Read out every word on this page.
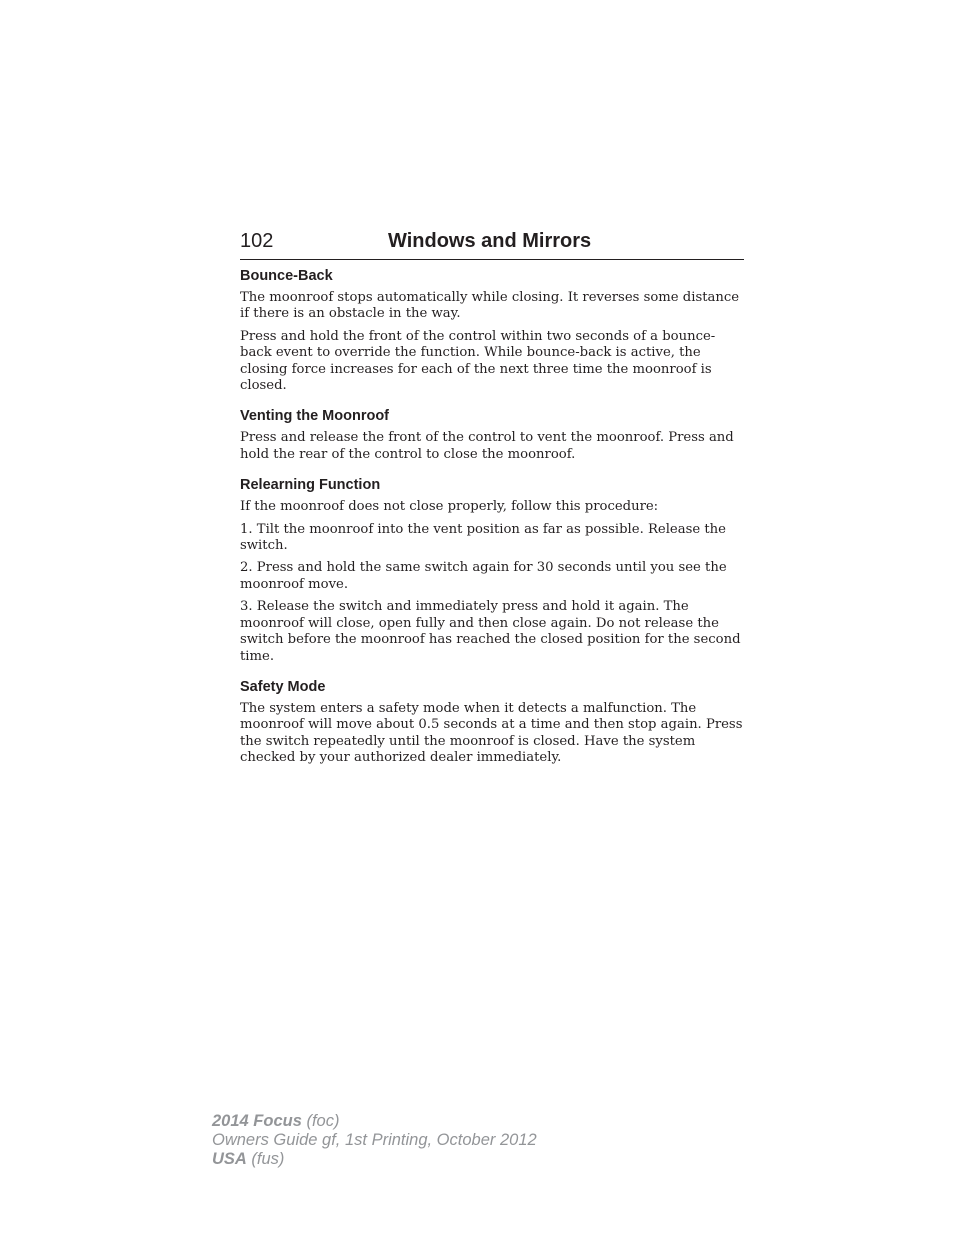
102	Windows and Mirrors
Bounce-Back

The moonroof stops automatically while closing. It reverses some distance if there is an obstacle in the way.

Press and hold the front of the control within two seconds of a bounce-back event to override the function. While bounce-back is active, the closing force increases for each of the next three time the moonroof is closed.

Venting the Moonroof

Press and release the front of the control to vent the moonroof. Press and hold the rear of the control to close the moonroof.

Relearning Function

If the moonroof does not close properly, follow this procedure:

1. Tilt the moonroof into the vent position as far as possible. Release the switch.

2. Press and hold the same switch again for 30 seconds until you see the moonroof move.

3. Release the switch and immediately press and hold it again. The moonroof will close, open fully and then close again. Do not release the switch before the moonroof has reached the closed position for the second time.

Safety Mode

The system enters a safety mode when it detects a malfunction. The moonroof will move about 0.5 seconds at a time and then stop again. Press the switch repeatedly until the moonroof is closed. Have the system checked by your authorized dealer immediately.

2014 Focus (foc)
Owners Guide gf, 1st Printing, October 2012
USA (fus)
